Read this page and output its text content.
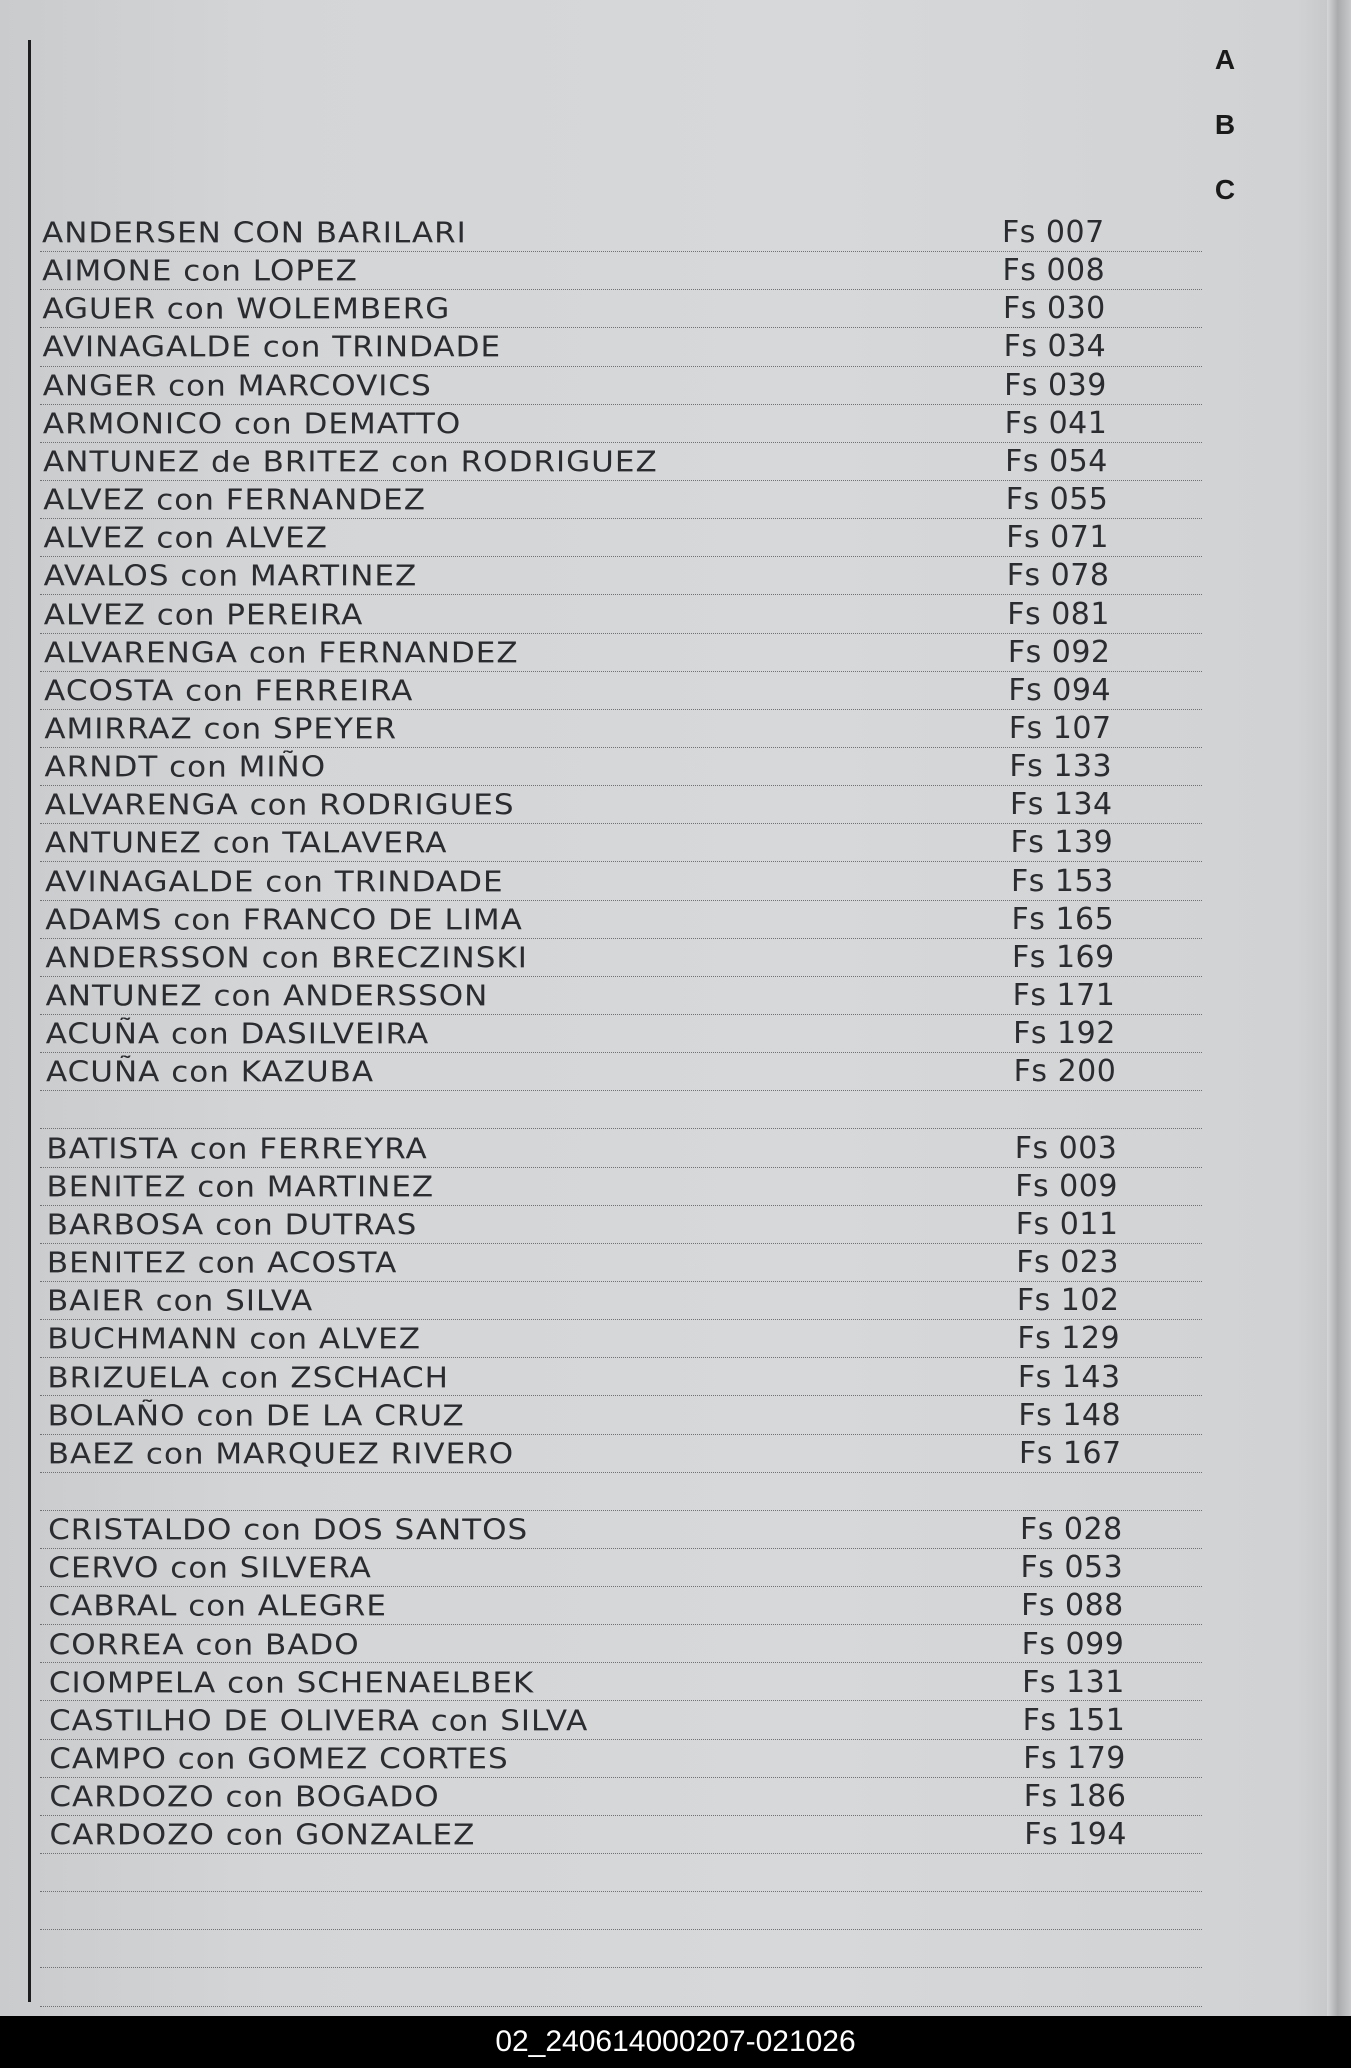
A
B
C
ANDERSEN CON BARILARI	Fs 007
AIMONE con LOPEZ	Fs 008
AGUER con WOLEMBERG	Fs 030
AVINAGALDE con TRINDADE	Fs 034
ANGER con MARCOVICS	Fs 039
ARMONICO con DEMATTO	Fs 041
ANTUNEZ de BRITEZ con RODRIGUEZ	Fs 054
ALVEZ con FERNANDEZ	Fs 055
ALVEZ con ALVEZ	Fs 071
AVALOS con MARTINEZ	Fs 078
ALVEZ con PEREIRA	Fs 081
ALVARENGA con FERNANDEZ	Fs 092
ACOSTA con FERREIRA	Fs 094
AMIRRAZ con SPEYER	Fs 107
ARNDT con MIÑO	Fs 133
ALVARENGA con RODRIGUES	Fs 134
ANTUNEZ con TALAVERA	Fs 139
AVINAGALDE con TRINDADE	Fs 153
ADAMS con FRANCO DE LIMA	Fs 165
ANDERSSON con BRECZINSKI	Fs 169
ANTUNEZ con ANDERSSON	Fs 171
ACUÑA con DASILVEIRA	Fs 192
ACUÑA con KAZUBA	Fs 200
BATISTA con FERREYRA	Fs 003
BENITEZ con MARTINEZ	Fs 009
BARBOSA con DUTRAS	Fs 011
BENITEZ con ACOSTA	Fs 023
BAIER con SILVA	Fs 102
BUCHMANN con ALVEZ	Fs 129
BRIZUELA con ZSCHACH	Fs 143
BOLAÑO con DE LA CRUZ	Fs 148
BAEZ con MARQUEZ RIVERO	Fs 167
CRISTALDO con DOS SANTOS	Fs 028
CERVO con SILVERA	Fs 053
CABRAL con ALEGRE	Fs 088
CORREA con BADO	Fs 099
CIOMPELA con SCHENAELBEK	Fs 131
CASTILHO DE OLIVERA con SILVA	Fs 151
CAMPO con GOMEZ CORTES	Fs 179
CARDOZO con BOGADO	Fs 186
CARDOZO con GONZALEZ	Fs 194
02_240614000207-021026
